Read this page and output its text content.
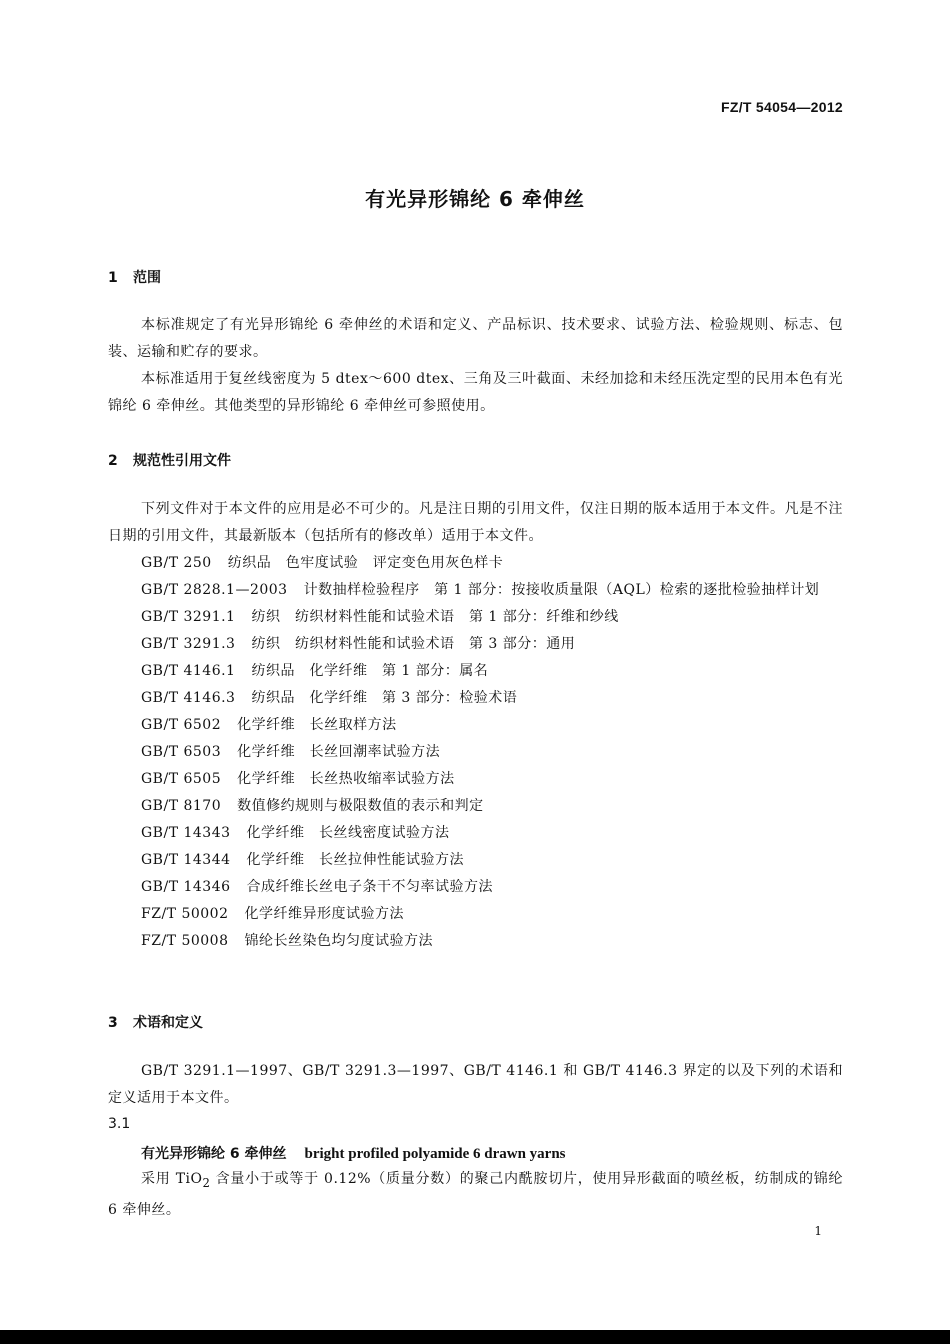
FZ/T 54054—2012
有光异形锦纶 6 牵伸丝
1 范围
本标准规定了有光异形锦纶 6 牵伸丝的术语和定义、产品标识、技术要求、试验方法、检验规则、标志、包装、运输和贮存的要求。
本标准适用于复丝线密度为 5 dtex～600 dtex、三角及三叶截面、未经加捻和未经压洗定型的民用本色有光锦纶 6 牵伸丝。其他类型的异形锦纶 6 牵伸丝可参照使用。
2 规范性引用文件
下列文件对于本文件的应用是必不可少的。凡是注日期的引用文件，仅注日期的版本适用于本文件。凡是不注日期的引用文件，其最新版本（包括所有的修改单）适用于本文件。
GB/T 250 纺织品　色牢度试验　评定变色用灰色样卡
GB/T 2828.1—2003 计数抽样检验程序　第 1 部分：按接收质量限（AQL）检索的逐批检验抽样计划
GB/T 3291.1 纺织　纺织材料性能和试验术语　第 1 部分：纤维和纱线
GB/T 3291.3 纺织　纺织材料性能和试验术语　第 3 部分：通用
GB/T 4146.1 纺织品　化学纤维　第 1 部分：属名
GB/T 4146.3 纺织品　化学纤维　第 3 部分：检验术语
GB/T 6502 化学纤维　长丝取样方法
GB/T 6503 化学纤维　长丝回潮率试验方法
GB/T 6505 化学纤维　长丝热收缩率试验方法
GB/T 8170 数值修约规则与极限数值的表示和判定
GB/T 14343 化学纤维　长丝线密度试验方法
GB/T 14344 化学纤维　长丝拉伸性能试验方法
GB/T 14346 合成纤维长丝电子条干不匀率试验方法
FZ/T 50002 化学纤维异形度试验方法
FZ/T 50008 锦纶长丝染色均匀度试验方法
3 术语和定义
GB/T 3291.1—1997、GB/T 3291.3—1997、GB/T 4146.1 和 GB/T 4146.3 界定的以及下列的术语和定义适用于本文件。
3.1
有光异形锦纶 6 牵伸丝 bright profiled polyamide 6 drawn yarns
采用 TiO$_2$ 含量小于或等于 0.12%（质量分数）的聚己内酰胺切片，使用异形截面的喷丝板，纺制成的锦纶 6 牵伸丝。
1
